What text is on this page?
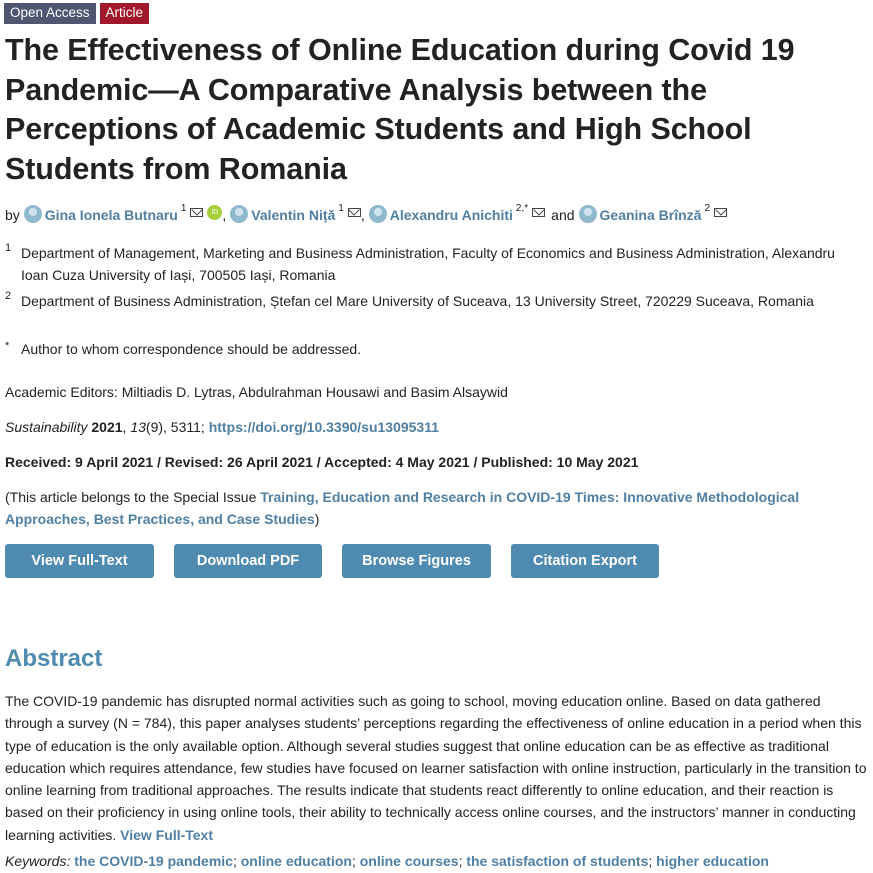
Open Access	Article
The Effectiveness of Online Education during Covid 19 Pandemic—A Comparative Analysis between the Perceptions of Academic Students and High School Students from Romania
by Gina Ionela Butnaru 1	iD , Valentin Niță 1 , Alexandru Anichiti 2,* and Geanina Brînză 2
1 Department of Management, Marketing and Business Administration, Faculty of Economics and Business Administration, Alexandru Ioan Cuza University of Iași, 700505 Iași, Romania
2 Department of Business Administration, Ștefan cel Mare University of Suceava, 13 University Street, 720229 Suceava, Romania
* Author to whom correspondence should be addressed.
Academic Editors: Miltiadis D. Lytras, Abdulrahman Housawi and Basim Alsaywid
Sustainability 2021, 13(9), 5311; https://doi.org/10.3390/su13095311
Received: 9 April 2021 / Revised: 26 April 2021 / Accepted: 4 May 2021 / Published: 10 May 2021
(This article belongs to the Special Issue Training, Education and Research in COVID-19 Times: Innovative Methodological Approaches, Best Practices, and Case Studies)
View Full-Text	Download PDF	Browse Figures	Citation Export
Abstract
The COVID-19 pandemic has disrupted normal activities such as going to school, moving education online. Based on data gathered through a survey (N = 784), this paper analyses students’ perceptions regarding the effectiveness of online education in a period when this type of education is the only available option. Although several studies suggest that online education can be as effective as traditional education which requires attendance, few studies have focused on learner satisfaction with online instruction, particularly in the transition to online learning from traditional approaches. The results indicate that students react differently to online education, and their reaction is based on their proficiency in using online tools, their ability to technically access online courses, and the instructors’ manner in conducting learning activities. View Full-Text
Keywords: the COVID-19 pandemic; online education; online courses; the satisfaction of students; higher education
